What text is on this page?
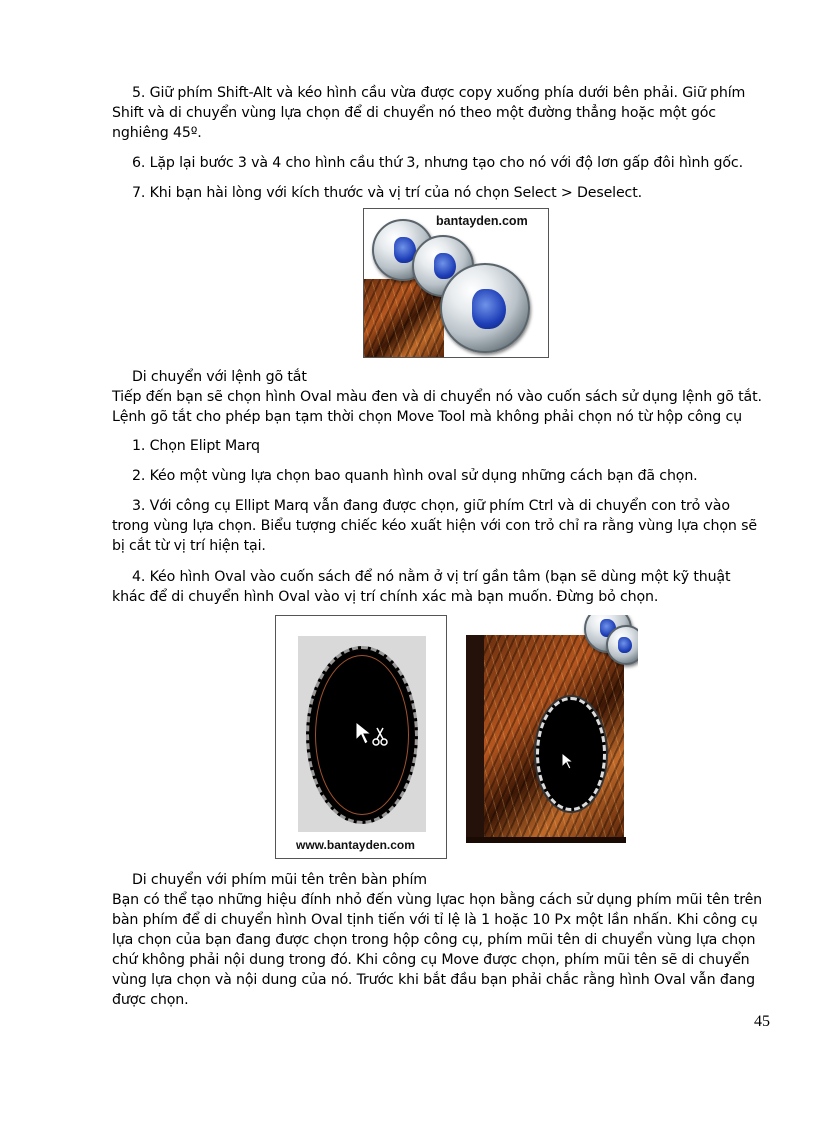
5. Giữ phím Shift-Alt và kéo hình cầu vừa được copy xuống phía dưới bên phải. Giữ phím Shift và di chuyển vùng lựa chọn để di chuyển nó theo một đường thẳng hoặc một góc nghiêng 45º.

6. Lặp lại bước 3 và 4 cho hình cầu thứ 3, nhưng tạo cho nó với độ lơn gấp đôi hình gốc.

7. Khi bạn hài lòng với kích thước và vị trí của nó chọn Select > Deselect.

bantayden.com

Di chuyển với lệnh gõ tắt

Tiếp đến bạn sẽ chọn hình Oval màu đen và di chuyển nó vào cuốn sách sử dụng lệnh gõ tắt. Lệnh gõ tắt cho phép bạn tạm thời chọn Move Tool mà không phải chọn nó từ hộp công cụ

1. Chọn Elipt Marq

2. Kéo một vùng lựa chọn bao quanh hình oval sử dụng những cách bạn đã chọn.

3. Với công cụ Ellipt Marq vẫn đang được chọn, giữ phím Ctrl và di chuyển con trỏ vào trong vùng lựa chọn. Biểu tượng chiếc kéo xuất hiện với con trỏ chỉ ra rằng vùng lựa chọn sẽ bị cắt từ vị trí hiện tại.

4. Kéo hình Oval vào cuốn sách để nó nằm ở vị trí gần tâm (bạn sẽ dùng một kỹ thuật khác để di chuyển hình Oval vào vị trí chính xác mà bạn muốn. Đừng bỏ chọn.

www.bantayden.com

Di chuyển với phím mũi tên trên bàn phím

Bạn có thể tạo những hiệu đính nhỏ đến vùng lựac họn bằng cách sử dụng phím mũi tên trên bàn phím để di chuyển hình Oval tịnh tiến với tỉ lệ là 1 hoặc 10 Px một lần nhấn. Khi công cụ lựa chọn của bạn đang được chọn trong hộp công cụ, phím mũi tên di chuyển vùng lựa chọn chứ không phải nội dung trong đó. Khi công cụ Move được chọn, phím mũi tên sẽ di chuyển vùng lựa chọn và nội dung của nó. Trước khi bắt đầu bạn phải chắc rằng hình Oval vẫn đang được chọn.

45
